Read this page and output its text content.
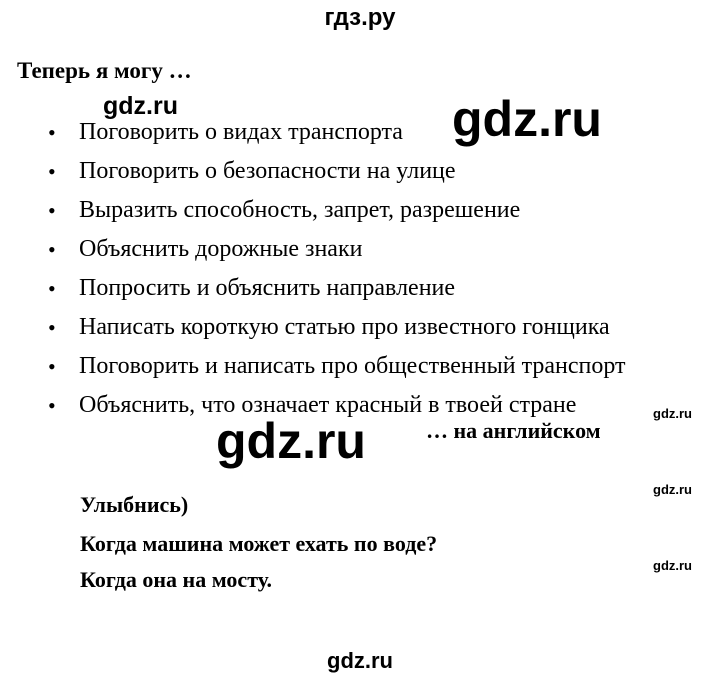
гдз.ру
Теперь я могу …
gdz.ru
• Поговорить о видах транспорта
• Поговорить о безопасности на улице
• Выразить способность, запрет, разрешение
• Объяснить дорожные знаки
• Попросить и объяснить направление
• Написать короткую статью про известного гонщика
• Поговорить и написать про общественный транспорт
• Объяснить, что означает красный в твоей стране
gdz.ru
gdz.ru
gdz.ru	… на английском
gdz.ru
Улыбнись)
Когда машина может ехать по воде?
gdz.ru
Когда она на мосту.
gdz.ru
